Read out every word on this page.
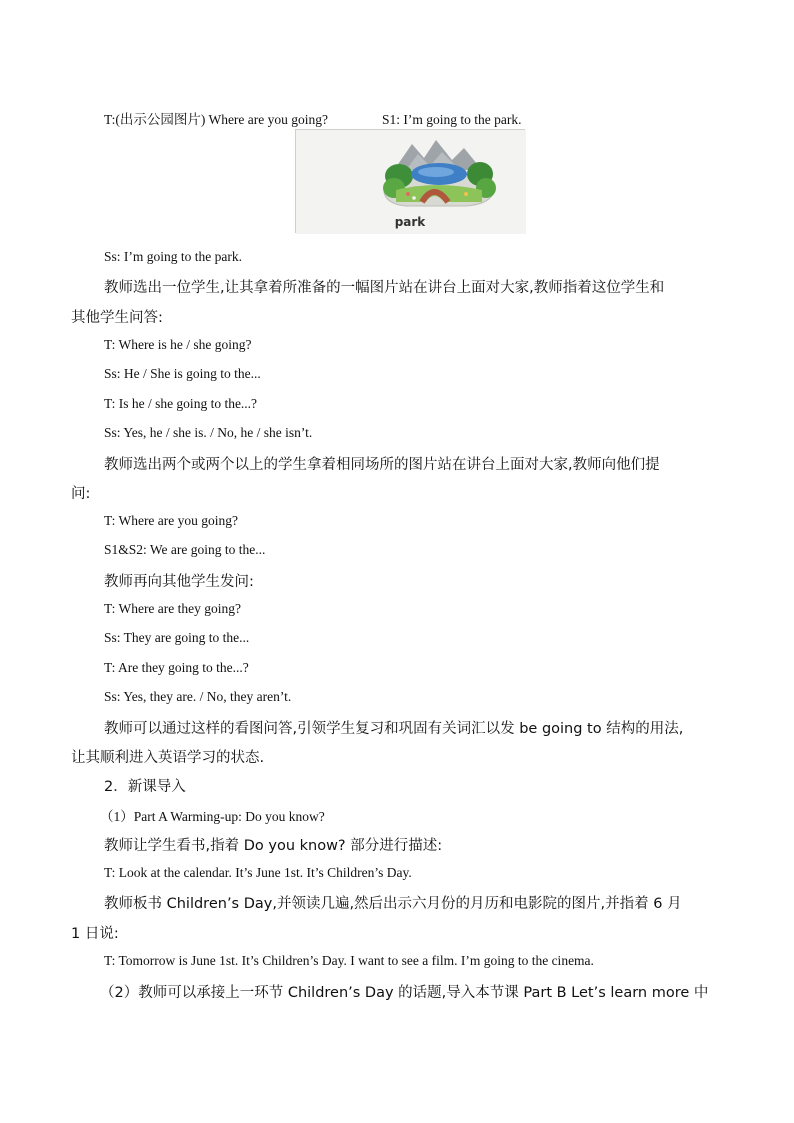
T:(出示公园图片) Where are you going?	S1: I’m going to the park.
park
Ss: I’m going to the park.
教师选出一位学生,让其拿着所准备的一幅图片站在讲台上面对大家,教师指着这位学生和
其他学生问答:
T: Where is he / she going?
Ss: He / She is going to the...
T: Is he / she going to the...?
Ss: Yes, he / she is. / No, he / she isn’t.
教师选出两个或两个以上的学生拿着相同场所的图片站在讲台上面对大家,教师向他们提
问:
T: Where are you going?
S1&S2: We are going to the...
教师再向其他学生发问:
T: Where are they going?
Ss: They are going to the...
T: Are they going to the...?
Ss: Yes, they are. / No, they aren’t.
教师可以通过这样的看图问答,引领学生复习和巩固有关词汇以发 be going to 结构的用法,
让其顺利进入英语学习的状态.
2．新课导入
（1）Part A Warming-up: Do you know?
教师让学生看书,指着 Do you know? 部分进行描述:
T: Look at the calendar. It’s June 1st. It’s Children’s Day.
教师板书 Children’s Day,并领读几遍,然后出示六月份的月历和电影院的图片,并指着 6 月
1 日说:
T: Tomorrow is June 1st. It’s Children’s Day. I want to see a film. I’m going to the cinema.
（2）教师可以承接上一环节 Children’s Day 的话题,导入本节课 Part B Let’s learn more 中
